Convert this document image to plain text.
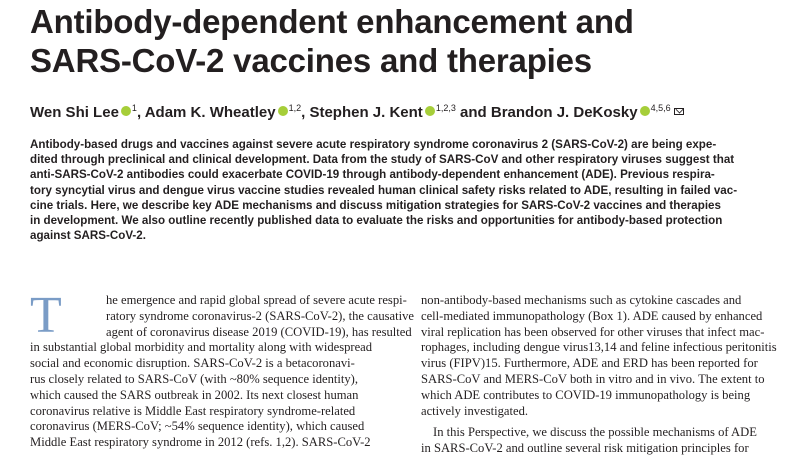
Antibody-dependent enhancement and
SARS-CoV-2 vaccines and therapies
Wen Shi Lee $^1$, Adam K. Wheatley $^{1,2}$, Stephen J. Kent $^{1,2,3}$ and Brandon J. DeKosky $^{4,5,6}$
Antibody-based drugs and vaccines against severe acute respiratory syndrome coronavirus 2 (SARS-CoV-2) are being expe-
dited through preclinical and clinical development. Data from the study of SARS-CoV and other respiratory viruses suggest that
anti-SARS-CoV-2 antibodies could exacerbate COVID-19 through antibody-dependent enhancement (ADE). Previous respira-
tory syncytial virus and dengue virus vaccine studies revealed human clinical safety risks related to ADE, resulting in failed vac-
cine trials. Here, we describe key ADE mechanisms and discuss mitigation strategies for SARS-CoV-2 vaccines and therapies
in development. We also outline recently published data to evaluate the risks and opportunities for antibody-based protection
against SARS-CoV-2.
T	he emergence and rapid global spread of severe acute respi-
ratory syndrome coronavirus-2 (SARS-CoV-2), the causative
agent of coronavirus disease 2019 (COVID-19), has resulted
in substantial global morbidity and mortality along with widespread
social and economic disruption. SARS-CoV-2 is a betacoronavi-
rus closely related to SARS-CoV (with ~80% sequence identity),
which caused the SARS outbreak in 2002. Its next closest human
coronavirus relative is Middle East respiratory syndrome-related
coronavirus (MERS-CoV; ~54% sequence identity), which caused
Middle East respiratory syndrome in 2012 (refs. 1,2). SARS-CoV-2
non-antibody-based mechanisms such as cytokine cascades and
cell-mediated immunopathology (Box 1). ADE caused by enhanced
viral replication has been observed for other viruses that infect mac-
rophages, including dengue virus13,14 and feline infectious peritonitis
virus (FIPV)15. Furthermore, ADE and ERD has been reported for
SARS-CoV and MERS-CoV both in vitro and in vivo. The extent to
which ADE contributes to COVID-19 immunopathology is being
actively investigated.
In this Perspective, we discuss the possible mechanisms of ADE
in SARS-CoV-2 and outline several risk mitigation principles for
